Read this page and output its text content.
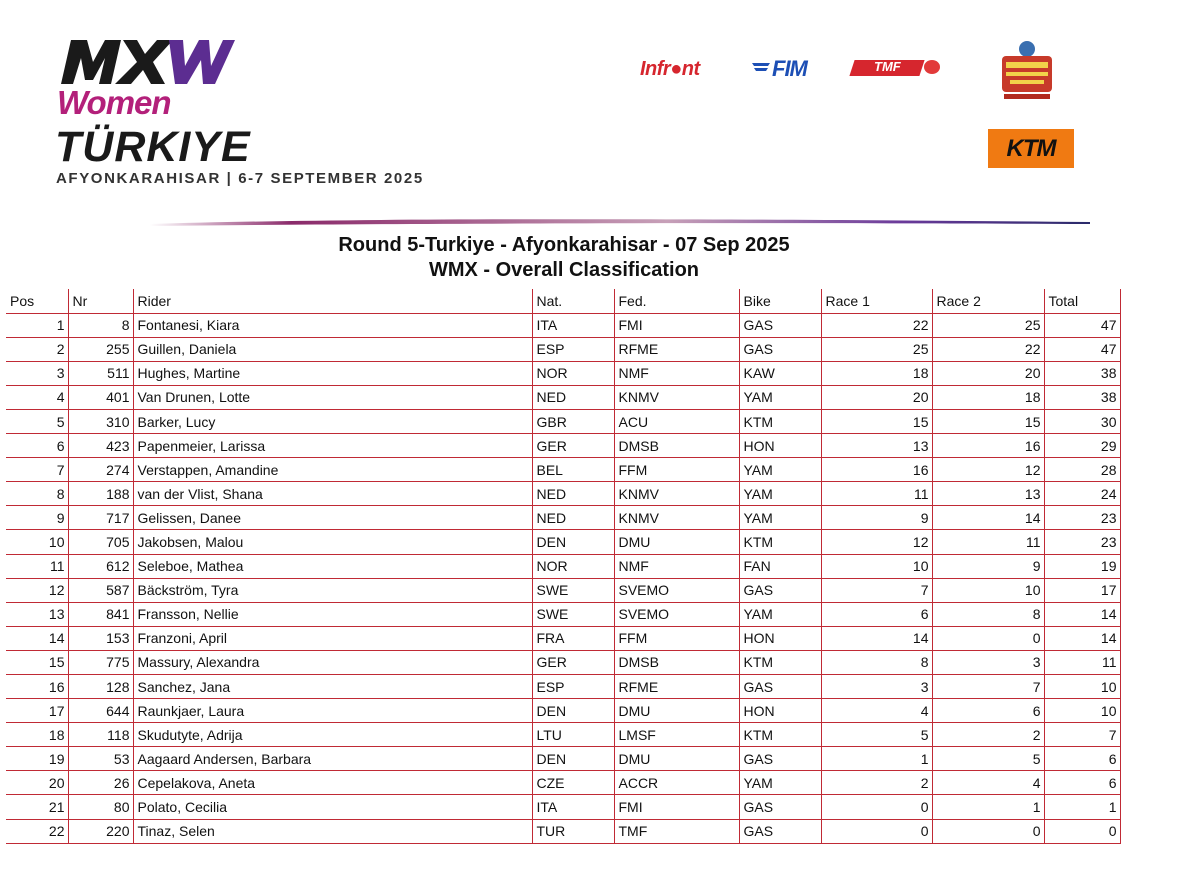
Women
TÜRKIYE
AFYONKARAHISAR | 6-7 SEPTEMBER 2025
Infr●nt	FIM	TMF
KTM
Round 5-Turkiye - Afyonkarahisar - 07 Sep 2025
WMX - Overall Classification
Pos	Nr	Rider	Nat.	Fed.	Bike	Race 1	Race 2	Total
1	8	Fontanesi, Kiara	ITA	FMI	GAS	22	25	47
2	255	Guillen, Daniela	ESP	RFME	GAS	25	22	47
3	511	Hughes, Martine	NOR	NMF	KAW	18	20	38
4	401	Van Drunen, Lotte	NED	KNMV	YAM	20	18	38
5	310	Barker, Lucy	GBR	ACU	KTM	15	15	30
6	423	Papenmeier, Larissa	GER	DMSB	HON	13	16	29
7	274	Verstappen, Amandine	BEL	FFM	YAM	16	12	28
8	188	van der Vlist, Shana	NED	KNMV	YAM	11	13	24
9	717	Gelissen, Danee	NED	KNMV	YAM	9	14	23
10	705	Jakobsen, Malou	DEN	DMU	KTM	12	11	23
11	612	Seleboe, Mathea	NOR	NMF	FAN	10	9	19
12	587	Bäckström, Tyra	SWE	SVEMO	GAS	7	10	17
13	841	Fransson, Nellie	SWE	SVEMO	YAM	6	8	14
14	153	Franzoni, April	FRA	FFM	HON	14	0	14
15	775	Massury, Alexandra	GER	DMSB	KTM	8	3	11
16	128	Sanchez, Jana	ESP	RFME	GAS	3	7	10
17	644	Raunkjaer, Laura	DEN	DMU	HON	4	6	10
18	118	Skudutyte, Adrija	LTU	LMSF	KTM	5	2	7
19	53	Aagaard Andersen, Barbara	DEN	DMU	GAS	1	5	6
20	26	Cepelakova, Aneta	CZE	ACCR	YAM	2	4	6
21	80	Polato, Cecilia	ITA	FMI	GAS	0	1	1
22	220	Tinaz, Selen	TUR	TMF	GAS	0	0	0
